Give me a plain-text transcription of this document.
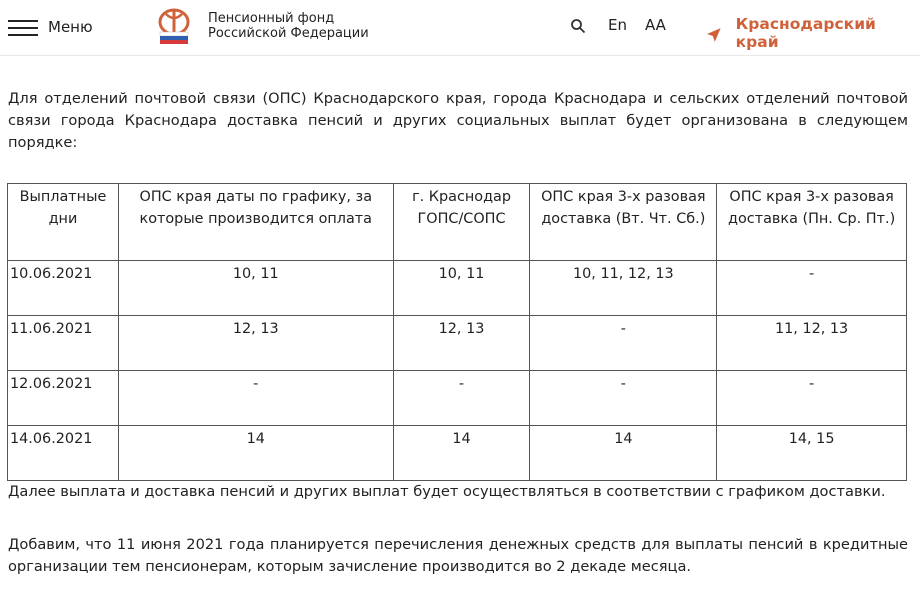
Меню	Пенсионный фонд
Российской Федерации	En AA	Краснодарский край

Для отделений почтовой связи (ОПС) Краснодарского края, города Краснодара и сельских отделений почтовой связи города Краснодара доставка пенсий и других социальных выплат будет организована в следующем порядке:

Выплатные дни	ОПС края даты по графику, за которые производится оплата	г. Краснодар ГОПС/СОПС	ОПС края 3-х разовая доставка (Вт. Чт. Сб.)	ОПС края 3-х разовая доставка (Пн. Ср. Пт.)
10.06.2021	10, 11	10, 11	10, 11, 12, 13	-
11.06.2021	12, 13	12, 13	-	11, 12, 13
12.06.2021	-	-	-	-
14.06.2021	14	14	14	14, 15

Далее выплата и доставка пенсий и других выплат будет осуществляться в соответствии с графиком доставки.

Добавим, что 11 июня 2021 года планируется перечисления денежных средств для выплаты пенсий в кредитные организации тем пенсионерам, которым зачисление производится во 2 декаде месяца.
